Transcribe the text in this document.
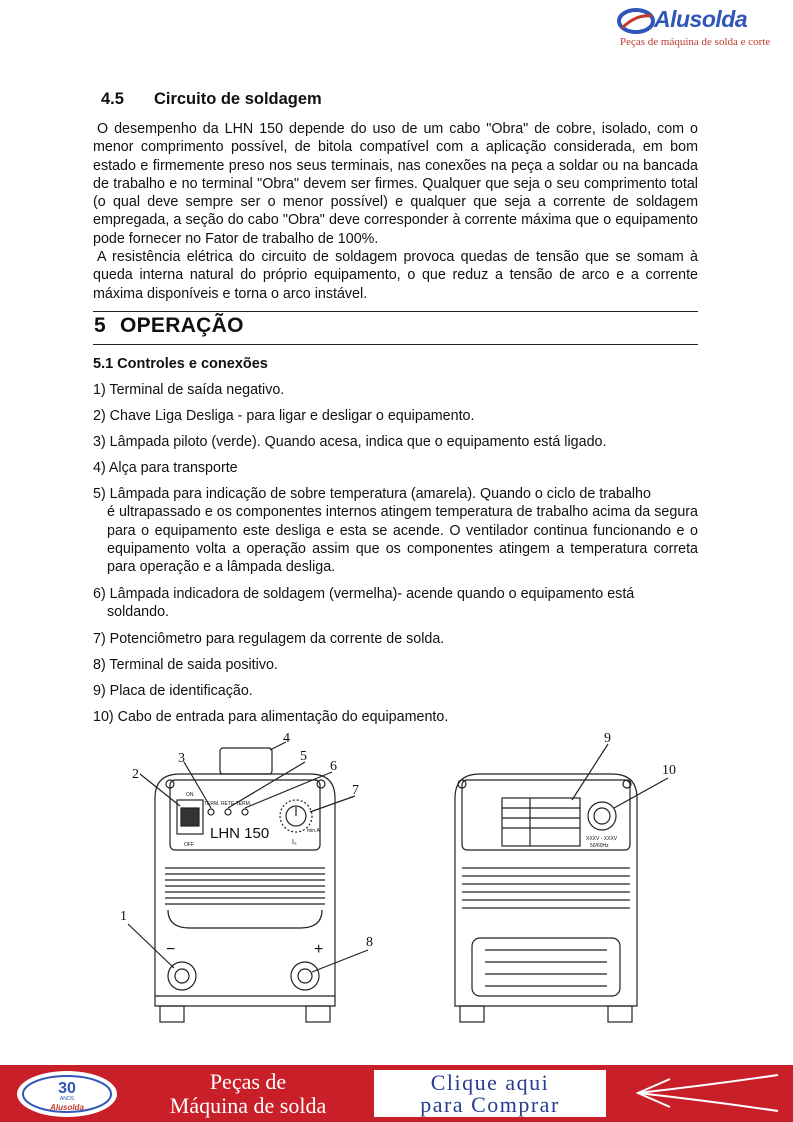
Alusolda
Peças de máquina de solda e corte
4.5 Circuito de soldagem

O desempenho da LHN 150 depende do uso de um cabo "Obra" de cobre, isolado, com o menor comprimento possível, de bitola compatível com a aplicação considerada, em bom estado e firmemente preso nos seus terminais, nas conexões na peça a soldar ou na bancada de trabalho e no terminal "Obra" devem ser firmes. Qualquer que seja o seu comprimento total (o qual deve sempre ser o menor possível) e qualquer que seja a corrente de soldagem empregada, a seção do cabo "Obra" deve corresponder à corrente máxima que o equipamento pode fornecer no Fator de trabalho de 100%.

A resistência elétrica do circuito de soldagem provoca quedas de tensão que se somam à queda interna natural do próprio equipamento, o que reduz a tensão de arco e a corrente máxima disponíveis e torna o arco instável.

5 OPERAÇÃO
5.1 Controles e conexões

1) Terminal de saída negativo.

2) Chave Liga Desliga - para ligar e desligar o equipamento.

3) Lâmpada piloto (verde). Quando acesa, indica que o equipamento está ligado.

4) Alça para transporte

5) Lâmpada para indicação de sobre temperatura (amarela). Quando o ciclo de trabalho
é ultrapassado e os componentes internos atingem temperatura de trabalho acima da segura para o equipamento este desliga e esta se acende. O ventilador continua funcionando e o equipamento volta a operação assim que os componentes atingem a temperatura correta para operação e a lâmpada desliga.
6) Lâmpada indicadora de soldagem (vermelha)- acende quando o equipamento está
soldando.

7) Potenciômetro para regulagem da corrente de solda.

8) Terminal de saida positivo.

9) Placa de identificação.

10) Cabo de entrada para alimentação do equipamento.

1
2
3
4
5
6
7
8
9
10
LHN 150
ON
OFF
TERM. RETE TERM.
I₂
min.A
−	+
XXXV - XXXV
50/60Hz
30
ANOS
Alusolda
Peças de
Máquina de solda
Clique aqui
para Comprar
